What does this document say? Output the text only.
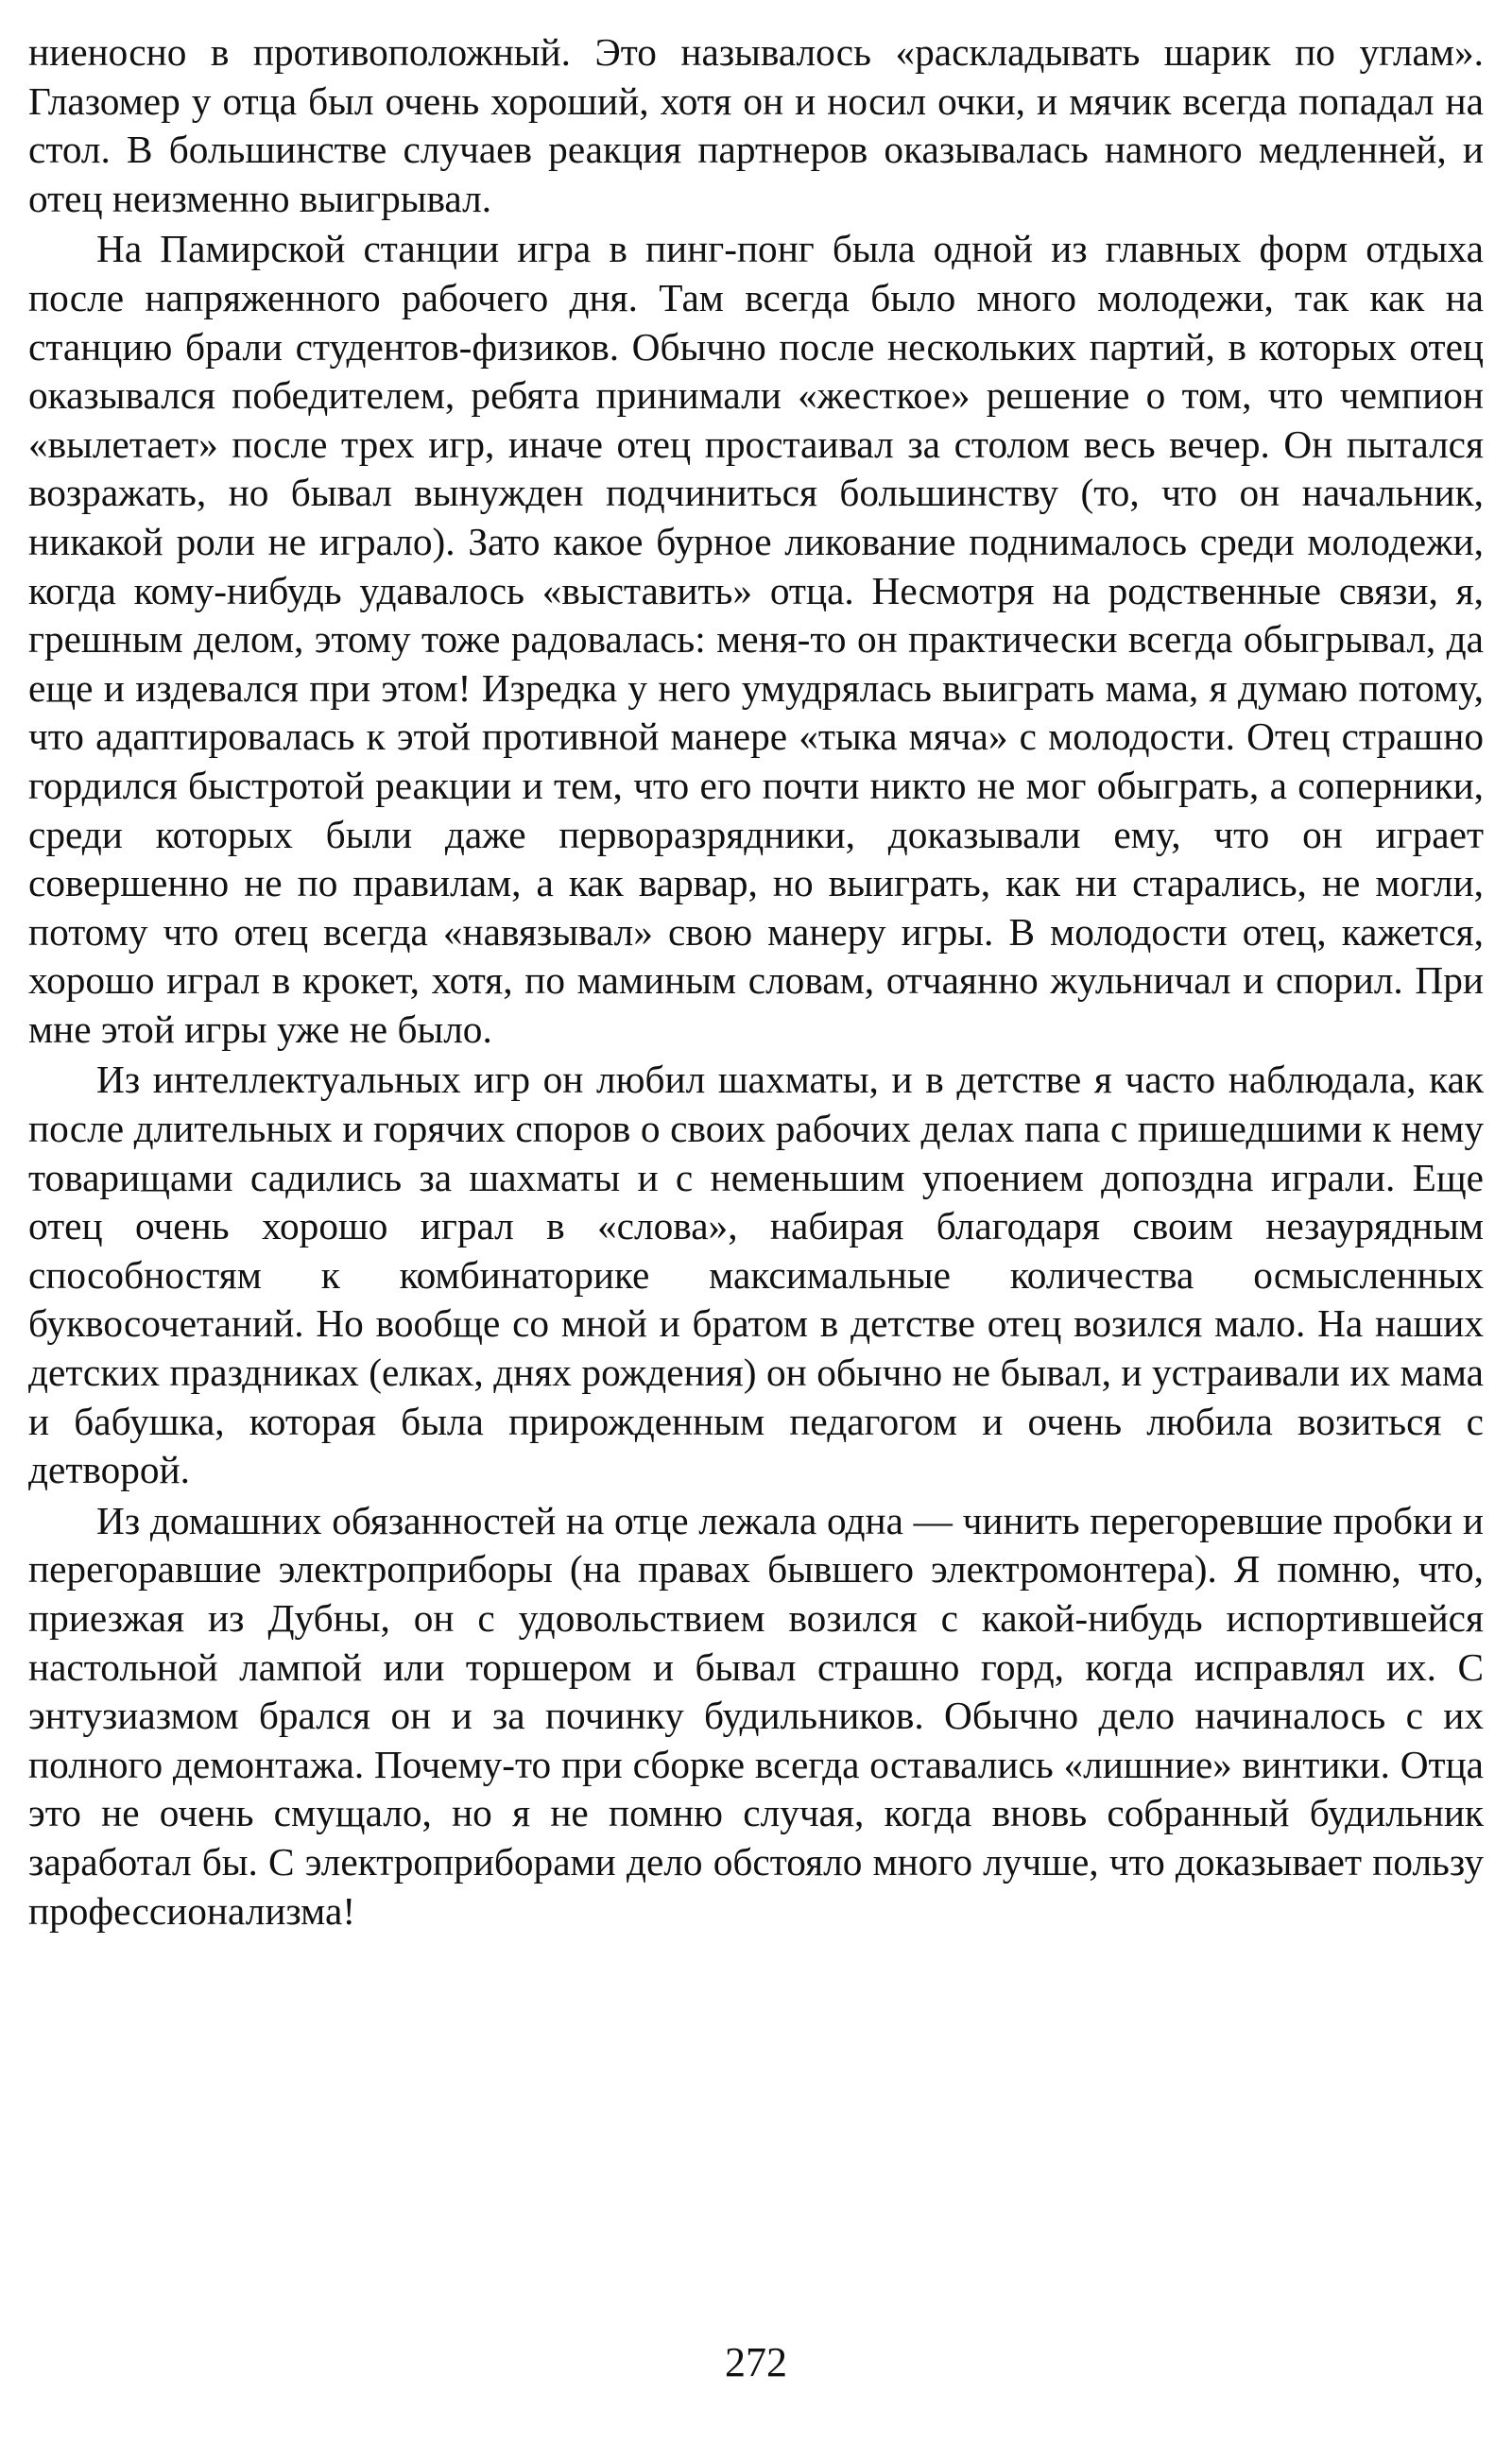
ниеносно в противоположный. Это называлось «раскладывать шарик по углам». Глазомер у отца был очень хороший, хотя он и носил очки, и мячик всегда попадал на стол. В большинстве случаев реакция партнеров оказывалась намного медленней, и отец неизменно выигрывал.

На Памирской станции игра в пинг-понг была одной из главных форм отдыха после напряженного рабочего дня. Там всегда было много молодежи, так как на станцию брали студентов-физиков. Обычно после нескольких партий, в которых отец оказывался победителем, ребята принимали «жесткое» решение о том, что чемпион «вылетает» после трех игр, иначе отец простаивал за столом весь вечер. Он пытался возражать, но бывал вынужден подчиниться большинству (то, что он начальник, никакой роли не играло). Зато какое бурное ликование поднималось среди молодежи, когда кому-нибудь удавалось «выставить» отца. Несмотря на родственные связи, я, грешным делом, этому тоже радовалась: меня-то он практически всегда обыгрывал, да еще и издевался при этом! Изредка у него умудрялась выиграть мама, я думаю потому, что адаптировалась к этой противной манере «тыка мяча» с молодости. Отец страшно гордился быстротой реакции и тем, что его почти никто не мог обыграть, а соперники, среди которых были даже перворазрядники, доказывали ему, что он играет совершенно не по правилам, а как варвар, но выиграть, как ни старались, не могли, потому что отец всегда «навязывал» свою манеру игры. В молодости отец, кажется, хорошо играл в крокет, хотя, по маминым словам, отчаянно жульничал и спорил. При мне этой игры уже не было.

Из интеллектуальных игр он любил шахматы, и в детстве я часто наблюдала, как после длительных и горячих споров о своих рабочих делах папа с пришедшими к нему товарищами садились за шахматы и с неменьшим упоением допоздна играли. Еще отец очень хорошо играл в «слова», набирая благодаря своим незаурядным способностям к комбинаторике максимальные количества осмысленных буквосочетаний. Но вообще со мной и братом в детстве отец возился мало. На наших детских праздниках (елках, днях рождения) он обычно не бывал, и устраивали их мама и бабушка, которая была прирожденным педагогом и очень любила возиться с детворой.

Из домашних обязанностей на отце лежала одна — чинить перегоревшие пробки и перегоравшие электроприборы (на правах бывшего электромонтера). Я помню, что, приезжая из Дубны, он с удовольствием возился с какой-нибудь испортившейся настольной лампой или торшером и бывал страшно горд, когда исправлял их. С энтузиазмом брался он и за починку будильников. Обычно дело начиналось с их полного демонтажа. Почему-то при сборке всегда оставались «лишние» винтики. Отца это не очень смущало, но я не помню случая, когда вновь собранный будильник заработал бы. С электроприборами дело обстояло много лучше, что доказывает пользу профессионализма!

272
